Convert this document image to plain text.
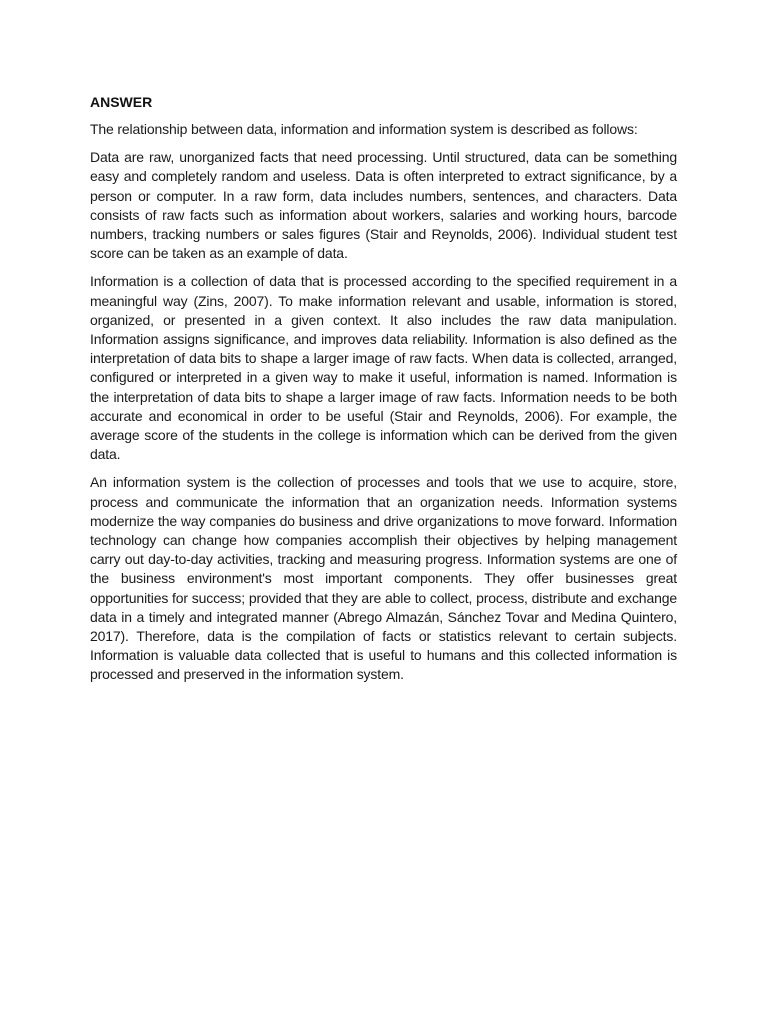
ANSWER

The relationship between data, information and information system is described as follows:

Data are raw, unorganized facts that need processing. Until structured, data can be something easy and completely random and useless. Data is often interpreted to extract significance, by a person or computer. In a raw form, data includes numbers, sentences, and characters. Data consists of raw facts such as information about workers, salaries and working hours, barcode numbers, tracking numbers or sales figures (Stair and Reynolds, 2006). Individual student test score can be taken as an example of data.

Information is a collection of data that is processed according to the specified requirement in a meaningful way (Zins, 2007). To make information relevant and usable, information is stored, organized, or presented in a given context. It also includes the raw data manipulation. Information assigns significance, and improves data reliability. Information is also defined as the interpretation of data bits to shape a larger image of raw facts. When data is collected, arranged, configured or interpreted in a given way to make it useful, information is named. Information is the interpretation of data bits to shape a larger image of raw facts. Information needs to be both accurate and economical in order to be useful (Stair and Reynolds, 2006). For example, the average score of the students in the college is information which can be derived from the given data.

An information system is the collection of processes and tools that we use to acquire, store, process and communicate the information that an organization needs. Information systems modernize the way companies do business and drive organizations to move forward. Information technology can change how companies accomplish their objectives by helping management carry out day-to-day activities, tracking and measuring progress. Information systems are one of the business environment's most important components. They offer businesses great opportunities for success; provided that they are able to collect, process, distribute and exchange data in a timely and integrated manner (Abrego Almazán, Sánchez Tovar and Medina Quintero, 2017). Therefore, data is the compilation of facts or statistics relevant to certain subjects. Information is valuable data collected that is useful to humans and this collected information is processed and preserved in the information system.
